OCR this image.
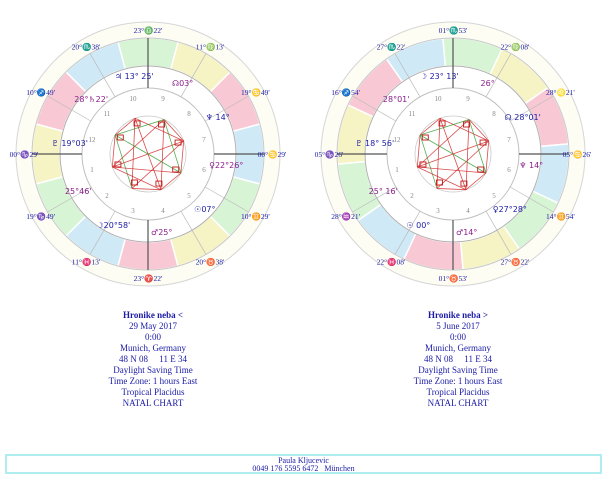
1
2
3	4
5
6
7
8
9
10
11
12
23°♎22'
11°♍13'
19°♋49'
00°♋29'
10°♊29'
20°♉38'
23°♈22'
11°♓13'
19°♑49'
00°♑29'
10°♐49'
20°♏38'
♃ 13° 25'
28°♄22'
♇ 19°03'
25°46'
☽20°58'
♂25°
☉07°
♀22°26°
♆ 14°
☊03°
1
2
3	4
5
6
7
8
9
10
11
12
01°♏53'
22°♍08'
28°♌21'
05°♋26'
14°♊54'
27°♉22'
01°♉53'
22°♓08'
28°♒21'
05°♑26'
16°♐54'
27°♏22'
☽ 23° 13'
28°01'
♇ 18° 56'
25° 16'
☉ 00°
♂14°
♀27°28°
♆ 14°
☊ 28°01'
26°
Hronike neba <
29 May 2017
0:00
Munich, Germany
48 N 08     11 E 34
Daylight Saving Time
Time Zone: 1 hours East
Tropical Placidus
NATAL CHART
Hronike neba >
5 June 2017
0:00
Munich, Germany
48 N 08     11 E 34
Daylight Saving Time
Time Zone: 1 hours East
Tropical Placidus
NATAL CHART
Paula Kljucevic
0049 176 5595 6472   München
